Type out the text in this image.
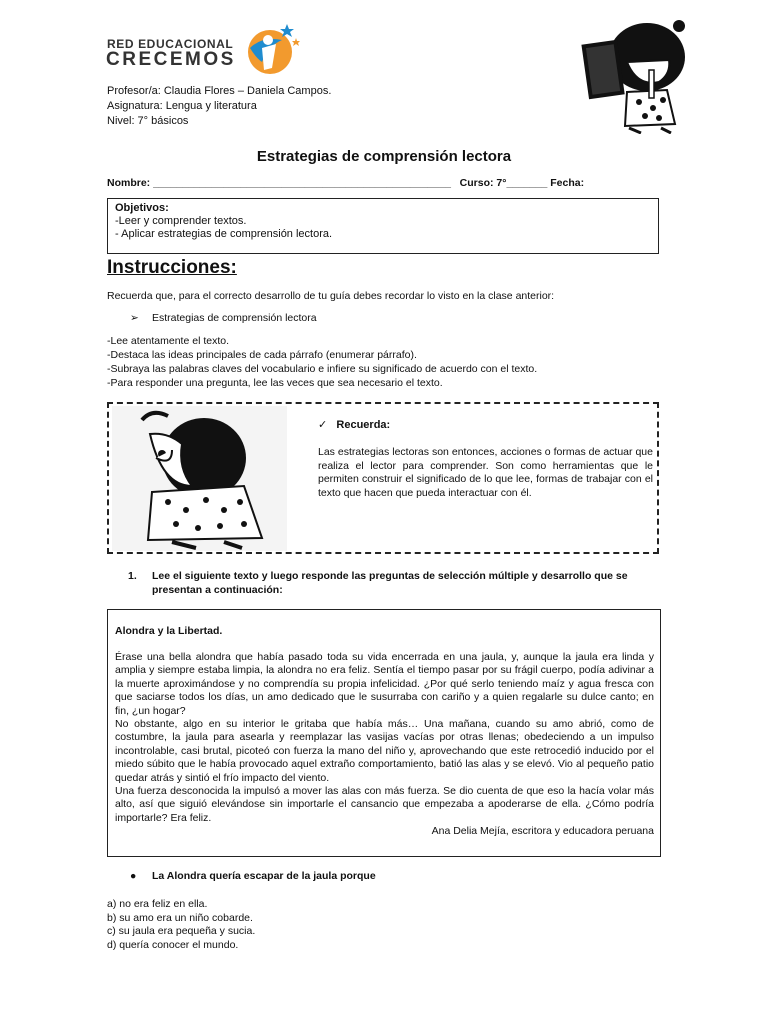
RED EDUCACIONAL
CRECEMOS
Profesor/a: Claudia Flores – Daniela Campos.
Asignatura: Lengua y literatura
Nivel: 7° básicos
Estrategias de comprensión lectora
Nombre: ___________________________________________________   Curso: 7°_______ Fecha:
Objetivos:
-Leer y comprender textos.
- Aplicar estrategias de comprensión lectora.
Instrucciones:
Recuerda que, para el correcto desarrollo de tu guía debes recordar lo visto en la clase anterior:
➢ Estrategias de comprensión lectora
-Lee atentamente el texto.
-Destaca las ideas principales de cada párrafo (enumerar párrafo).
-Subraya las palabras claves del vocabulario e infiere su significado de acuerdo con el texto.
-Para responder una pregunta, lee las veces que sea necesario el texto.
✓ Recuerda:
Las estrategias lectoras son entonces, acciones o formas de actuar que realiza el lector para comprender. Son como herramientas que le permiten construir el significado de lo que lee, formas de trabajar con el texto que hacen que pueda interactuar con él.
1.	Lee el siguiente texto y luego responde las preguntas de selección múltiple y desarrollo que se presentan a continuación:
Alondra y la Libertad.

Érase una bella alondra que había pasado toda su vida encerrada en una jaula, y, aunque la jaula era linda y amplia y siempre estaba limpia, la alondra no era feliz. Sentía el tiempo pasar por su frágil cuerpo, podía adivinar a la muerte aproximándose y no comprendía su propia infelicidad. ¿Por qué serlo teniendo maíz y agua fresca con que saciarse todos los días, un amo dedicado que le susurraba con cariño y a quien regalarle su dulce canto; en fin, ¿un hogar?

No obstante, algo en su interior le gritaba que había más… Una mañana, cuando su amo abrió, como de costumbre, la jaula para asearla y reemplazar las vasijas vacías por otras llenas; obedeciendo a un impulso incontrolable, casi brutal, picoteó con fuerza la mano del niño y, aprovechando que este retrocedió inducido por el miedo súbito que le había provocado aquel extraño comportamiento, batió las alas y se elevó. Vio al pequeño patio quedar atrás y sintió el frío impacto del viento.

Una fuerza desconocida la impulsó a mover las alas con más fuerza. Se dio cuenta de que eso la hacía volar más alto, así que siguió elevándose sin importarle el cansancio que empezaba a apoderarse de ella. ¿Cómo podría importarle? Era feliz.

Ana Delia Mejía, escritora y educadora peruana
● La Alondra quería escapar de la jaula porque
a) no era feliz en ella.
b) su amo era un niño cobarde.
c) su jaula era pequeña y sucia.
d) quería conocer el mundo.
